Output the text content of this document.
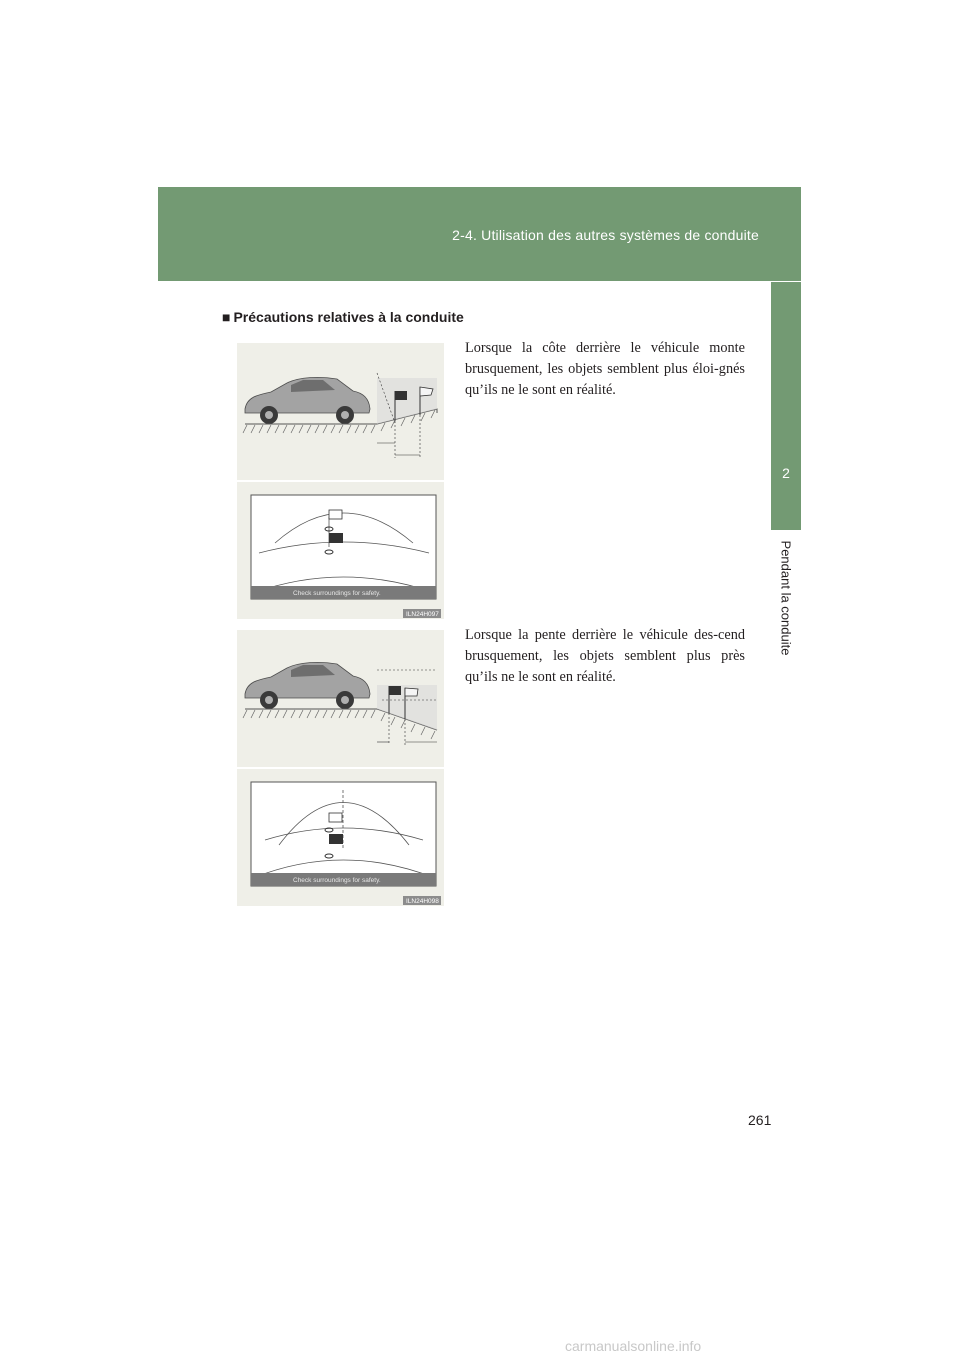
2-4. Utilisation des autres systèmes de conduite
2
Pendant la conduite
■ Précautions relatives à la conduite
Check surroundings for safety.
ILN24H097
Check surroundings for safety.
ILN24H098

Lorsque la côte derrière le véhicule monte brusquement, les objets semblent plus éloi-gnés qu’ils ne le sont en réalité.

Lorsque la pente derrière le véhicule des-cend brusquement, les objets semblent plus près qu’ils ne le sont en réalité.

261
carmanualsonline.info
